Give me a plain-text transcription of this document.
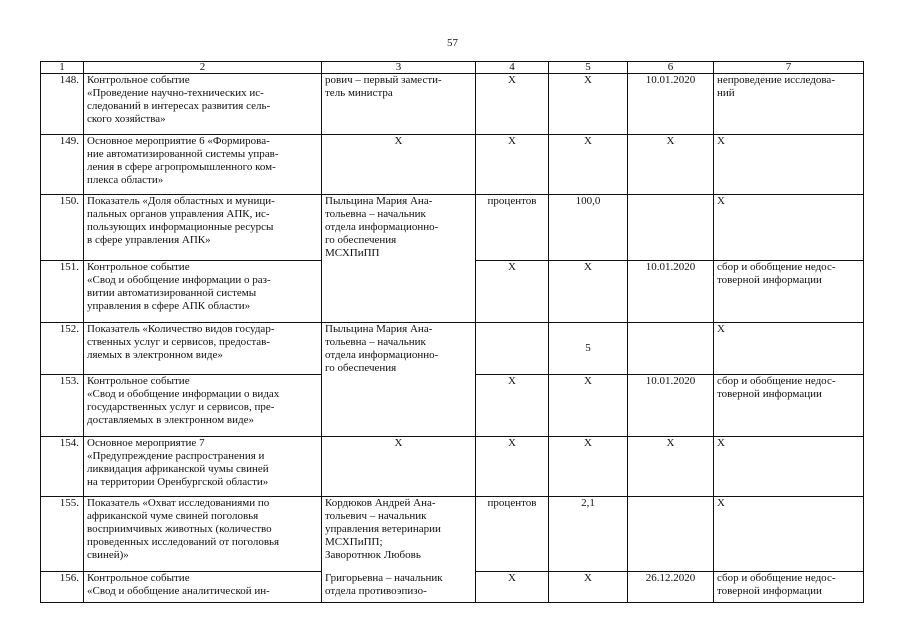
57
1	2	3	4	5	6	7
148.	Контрольное событие
«Проведение научно-технических ис-
следований в интересах развития сель-
ского хозяйства»	рович – первый замести-
тель министра	X	X	10.01.2020	непроведение исследова-
ний
149.	Основное мероприятие 6 «Формирова-
ние автоматизированной системы управ-
ления в сфере агропромышленного ком-
плекса области»	X	X	X	X	X
150.	Показатель «Доля областных и муници-
пальных органов управления АПК, ис-
пользующих информационные ресурсы
в сфере управления АПК»	Пыльцина Мария Ана-
тольевна – начальник
отдела информационно-
го обеспечения
МСХПиПП	процентов	100,0		X
151.	Контрольное событие
«Свод и обобщение информации о раз-
витии автоматизированной системы
управления в сфере АПК области»		X	X	10.01.2020	сбор и обобщение недос-
товерной информации
152.	Показатель «Количество видов государ-
ственных услуг и сервисов, предостав-
ляемых в электронном виде»	Пыльцина Мария Ана-
тольевна – начальник
отдела информационно-
го обеспечения		5		X
153.	Контрольное событие
«Свод и обобщение информации о видах
государственных услуг и сервисов, пре-
доставляемых в электронном виде»		X	X	10.01.2020	сбор и обобщение недос-
товерной информации
154.	Основное мероприятие 7
«Предупреждение распространения и
ликвидация африканской чумы свиней
на территории Оренбургской области»	X	X	X	X	X
155.	Показатель «Охват исследованиями по
африканской чуме свиней поголовья
восприимчивых животных (количество
проведенных исследований от поголовья
свиней)»	Кордюков Андрей Ана-
тольевич – начальник
управления ветеринарии
МСХПиПП;
Заворотнюк Любовь	процентов	2,1		X
156.	Контрольное событие
«Свод и обобщение аналитической ин-	Григорьевна – начальник
отдела противоэпизо-	X	X	26.12.2020	сбор и обобщение недос-
товерной информации
